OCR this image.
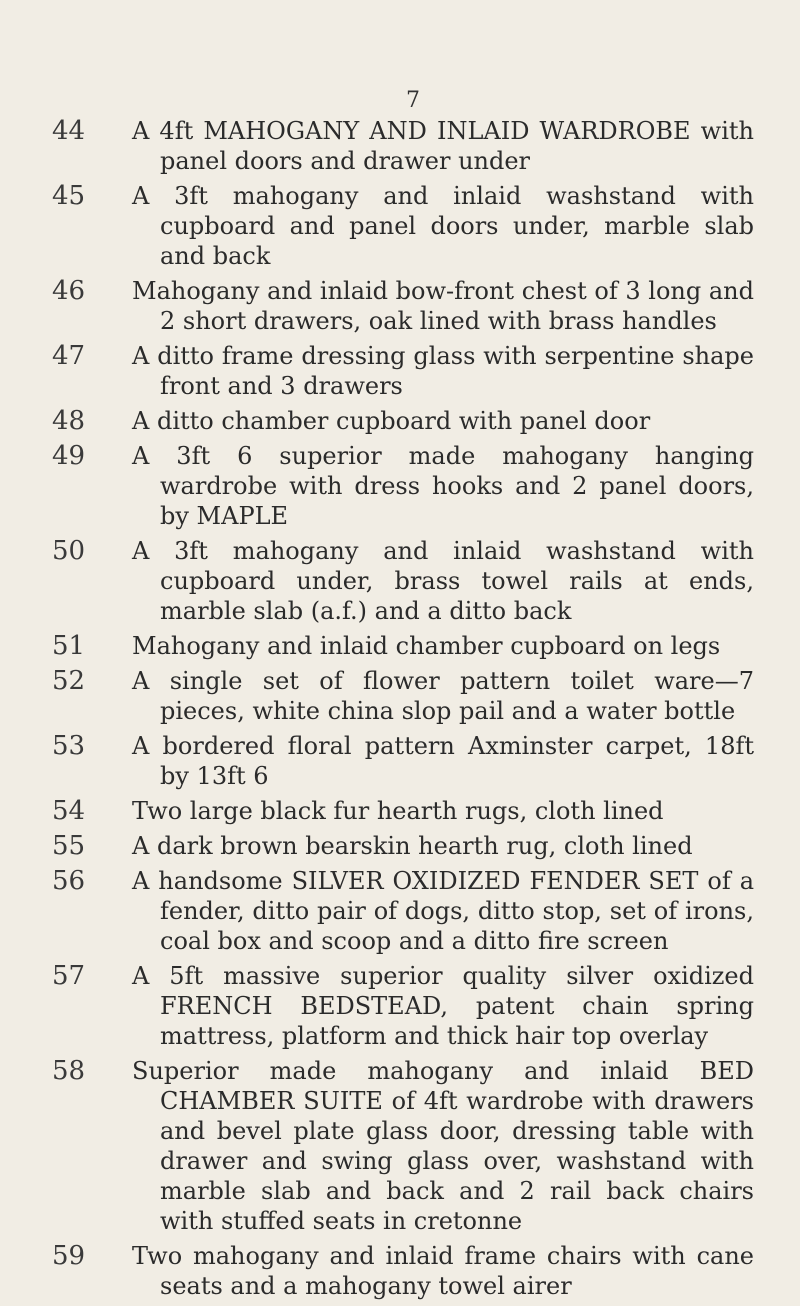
7
44	A 4ft MAHOGANY AND INLAID WARDROBE with panel doors and drawer under
45	A 3ft mahogany and inlaid washstand with cupboard and panel doors under, marble slab and back
46	Mahogany and inlaid bow-front chest of 3 long and 2 short drawers, oak lined with brass handles
47	A ditto frame dressing glass with serpentine shape front and 3 drawers
48	A ditto chamber cupboard with panel door
49	A 3ft 6 superior made mahogany hanging wardrobe with dress hooks and 2 panel doors, by MAPLE
50	A 3ft mahogany and inlaid washstand with cupboard under, brass towel rails at ends, marble slab (a.f.) and a ditto back
51	Mahogany and inlaid chamber cupboard on legs
52	A single set of flower pattern toilet ware—7 pieces, white china slop pail and a water bottle
53	A bordered floral pattern Axminster carpet, 18ft by 13ft 6
54	Two large black fur hearth rugs, cloth lined
55	A dark brown bearskin hearth rug, cloth lined
56	A handsome SILVER OXIDIZED FENDER SET of a fender, ditto pair of dogs, ditto stop, set of irons, coal box and scoop and a ditto fire screen
57	A 5ft massive superior quality silver oxidized FRENCH BEDSTEAD, patent chain spring mattress, platform and thick hair top overlay
58	Superior made mahogany and inlaid BED CHAMBER SUITE of 4ft wardrobe with drawers and bevel plate glass door, dressing table with drawer and swing glass over, washstand with marble slab and back and 2 rail back chairs with stuffed seats in cretonne
59	Two mahogany and inlaid frame chairs with cane seats and a mahogany towel airer
